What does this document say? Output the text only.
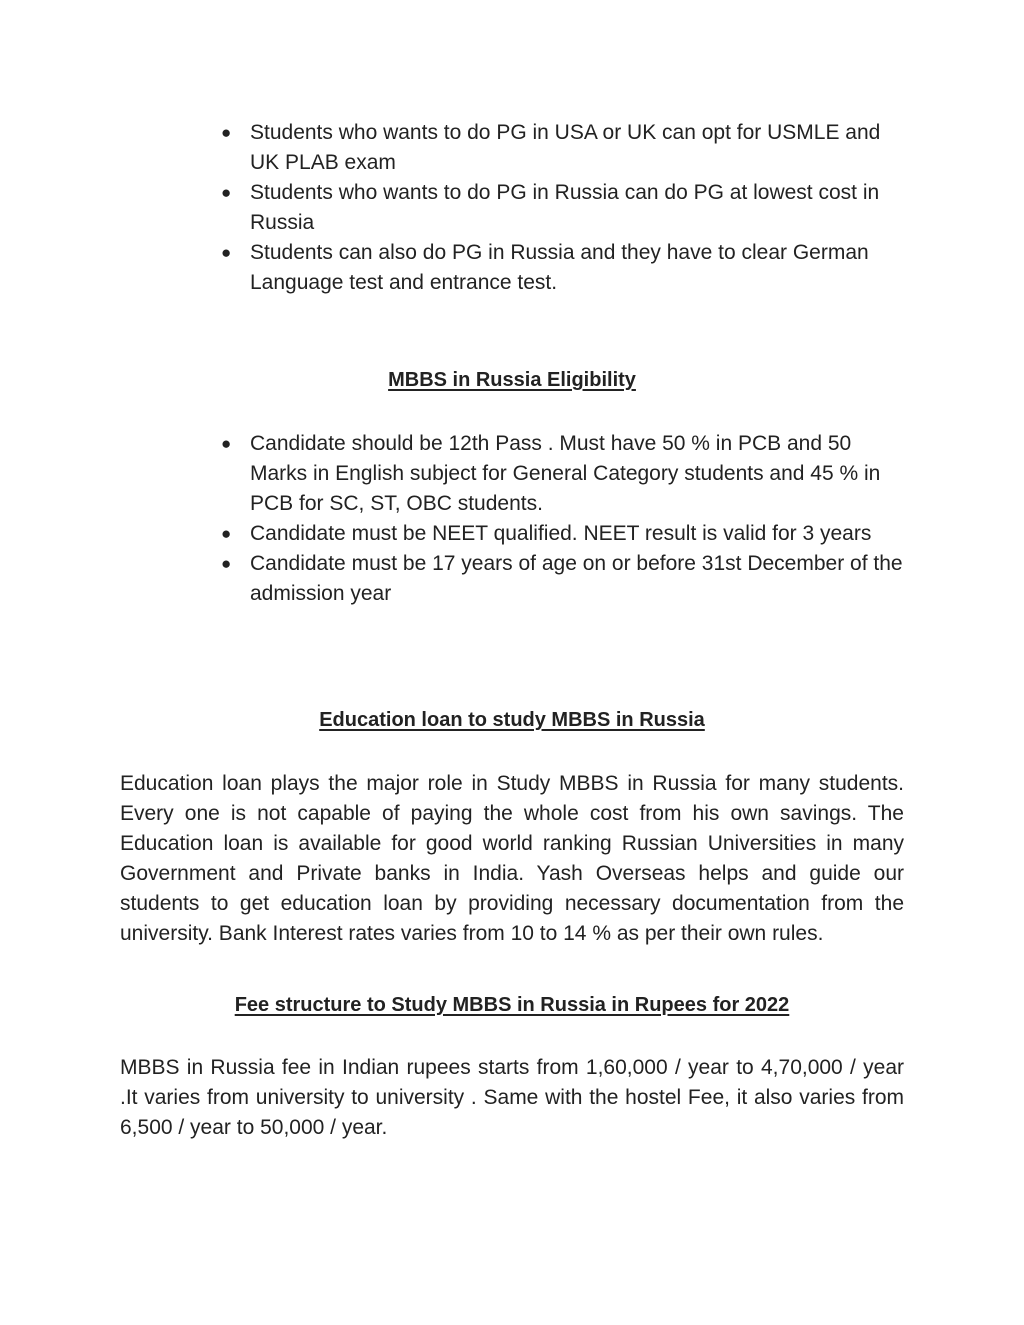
● Students who wants to do PG in USA or UK can opt for USMLE and UK PLAB exam
● Students who wants to do PG in Russia can do PG at lowest cost in Russia
● Students can also do PG in Russia and they have to clear German Language test and entrance test.
MBBS in Russia Eligibility
● Candidate should be 12th Pass . Must have 50 % in PCB and 50 Marks in English subject for General Category students and 45 % in PCB for SC, ST, OBC students.
● Candidate must be NEET qualified. NEET result is valid for 3 years
● Candidate must be 17 years of age on or before 31st December of the admission year
Education loan to study MBBS in Russia

Education loan plays the major role in Study MBBS in Russia for many students. Every one is not capable of paying the whole cost from his own savings. The Education loan is available for good world ranking Russian Universities in many Government and Private banks in India. Yash Overseas helps and guide our students to get education loan by providing necessary documentation from the university. Bank Interest rates varies from 10 to 14 % as per their own rules.

Fee structure to Study MBBS in Russia in Rupees for 2022

MBBS in Russia fee in Indian rupees starts from 1,60,000 / year to 4,70,000 / year .It varies from university to university . Same with the hostel Fee, it also varies from 6,500 / year to 50,000 / year.
